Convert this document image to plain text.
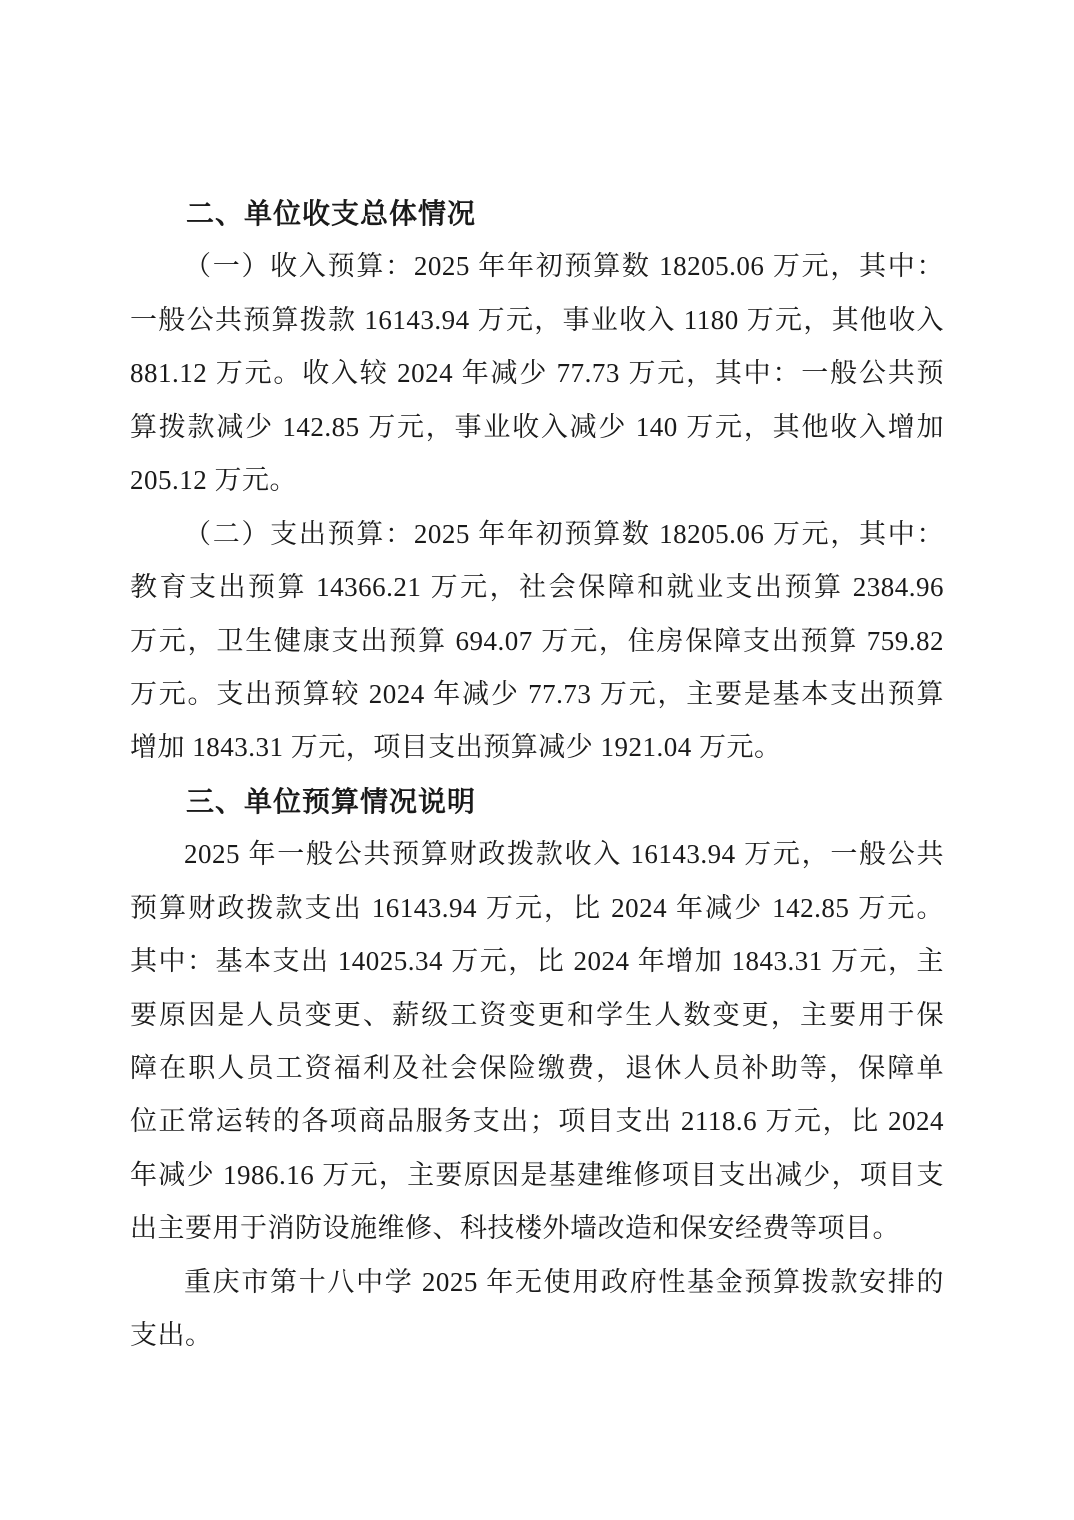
二、单位收支总体情况
（一）收入预算：2025 年年初预算数 18205.06 万元，其中：
一般公共预算拨款 16143.94 万元，事业收入 1180 万元，其他收入
881.12 万元。收入较 2024 年减少 77.73 万元，其中：一般公共预
算拨款减少 142.85 万元，事业收入减少 140 万元，其他收入增加
205.12 万元。
（二）支出预算：2025 年年初预算数 18205.06 万元，其中：
教育支出预算 14366.21 万元，社会保障和就业支出预算 2384.96
万元，卫生健康支出预算 694.07 万元，住房保障支出预算 759.82
万元。支出预算较 2024 年减少 77.73 万元，主要是基本支出预算
增加 1843.31 万元，项目支出预算减少 1921.04 万元。
三、单位预算情况说明
2025 年一般公共预算财政拨款收入 16143.94 万元，一般公共
预算财政拨款支出 16143.94 万元，比 2024 年减少 142.85 万元。
其中：基本支出 14025.34 万元，比 2024 年增加 1843.31 万元，主
要原因是人员变更、薪级工资变更和学生人数变更，主要用于保
障在职人员工资福利及社会保险缴费，退休人员补助等，保障单
位正常运转的各项商品服务支出；项目支出 2118.6 万元，比 2024
年减少 1986.16 万元，主要原因是基建维修项目支出减少，项目支
出主要用于消防设施维修、科技楼外墙改造和保安经费等项目。
重庆市第十八中学 2025 年无使用政府性基金预算拨款安排的
支出。
